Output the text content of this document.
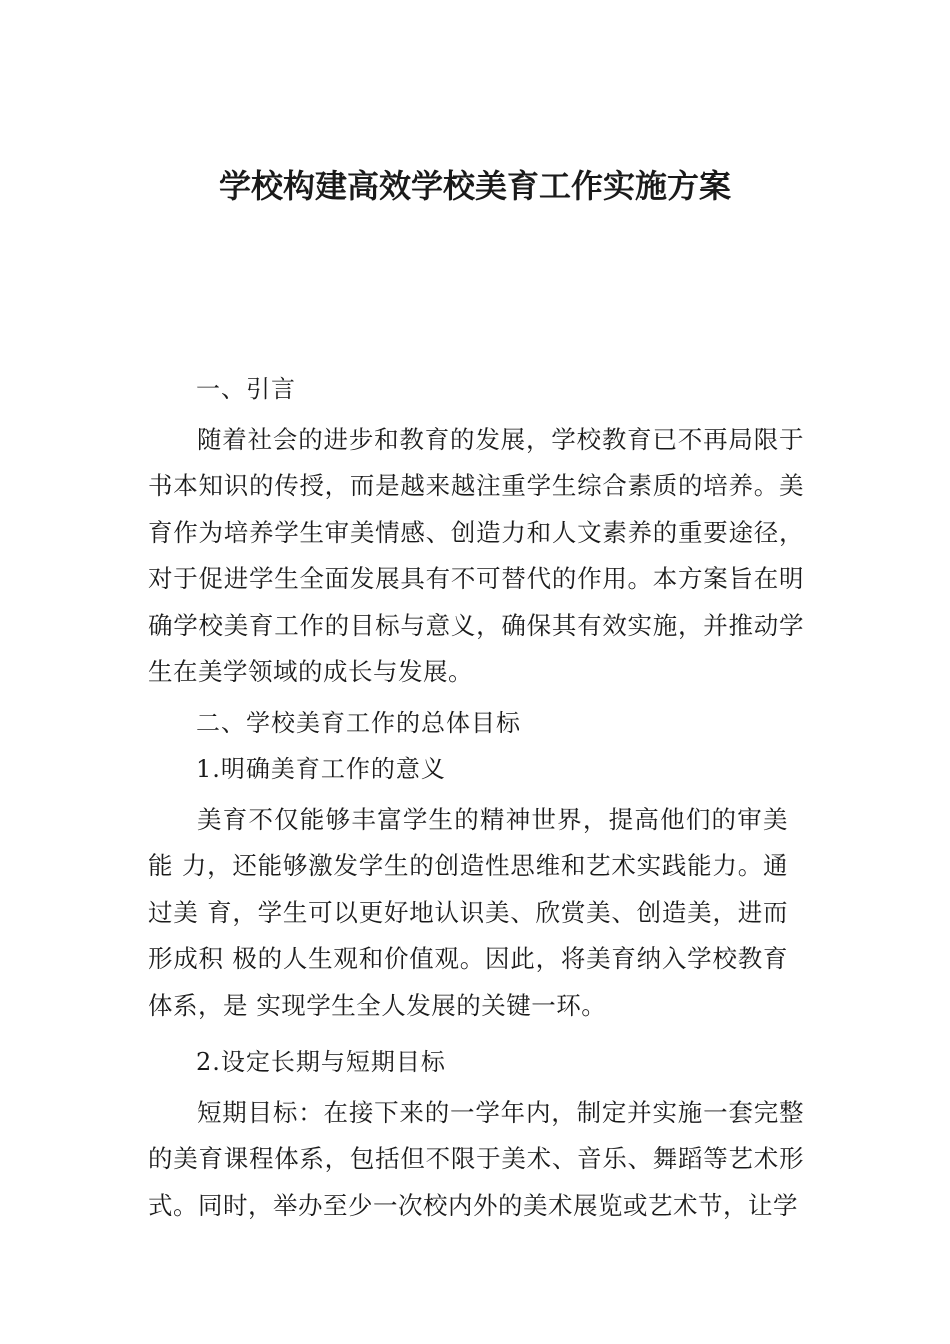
学校构建高效学校美育工作实施方案

一、引言

随着社会的进步和教育的发展，学校教育已不再局限于书本知识的传授，而是越来越注重学生综合素质的培养。美育作为培养学生审美情感、创造力和人文素养的重要途径，对于促进学生全面发展具有不可替代的作用。本方案旨在明确学校美育工作的目标与意义，确保其有效实施，并推动学生在美学领域的成长与发展。

二、学校美育工作的总体目标

1.明确美育工作的意义

美育不仅能够丰富学生的精神世界，提高他们的审美能 力，还能够激发学生的创造性思维和艺术实践能力。通过美 育，学生可以更好地认识美、欣赏美、创造美，进而形成积 极的人生观和价值观。因此，将美育纳入学校教育体系，是 实现学生全人发展的关键一环。

2.设定长期与短期目标

短期目标：在接下来的一学年内，制定并实施一套完整的美育课程体系，包括但不限于美术、音乐、舞蹈等艺术形式。同时，举办至少一次校内外的美术展览或艺术节，让学
